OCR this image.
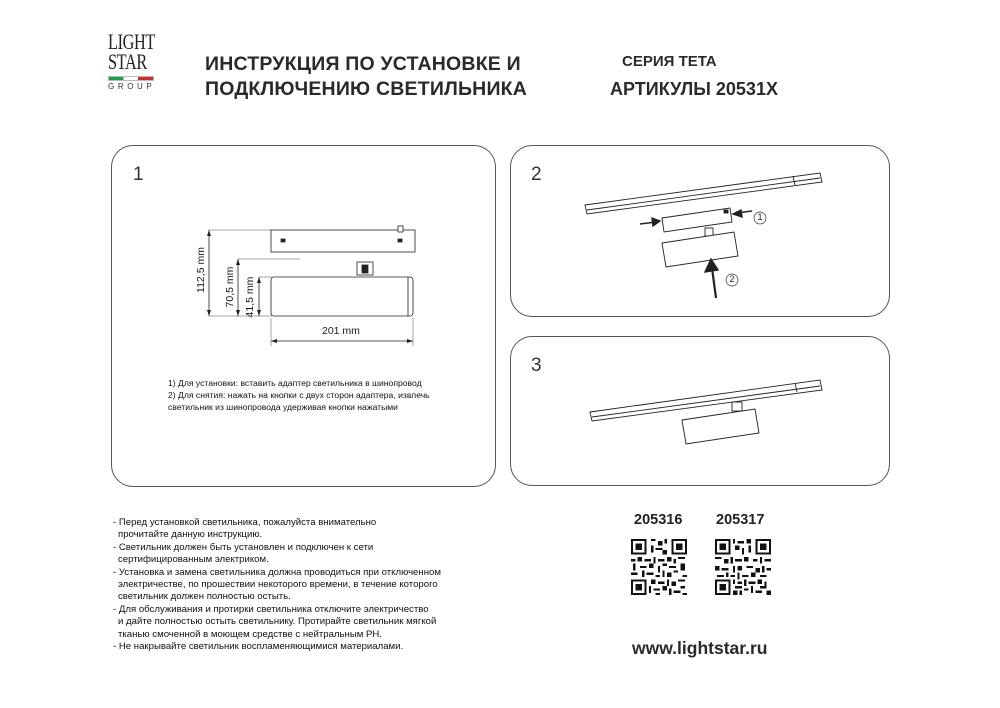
LIGHT
STAR
GROUP
ИНСТРУКЦИЯ ПО УСТАНОВКЕ И
ПОДКЛЮЧЕНИЮ СВЕТИЛЬНИКА
СЕРИЯ TETA
АРТИКУЛЫ 20531X
1
112,5 mm 70,5 mm 41,5 mm
201 mm
1) Для установки: вставить адаптер светильника в шинопровод
2) Для снятия: нажать на кнопки с двух сторон адаптера, извлечь
светильник из шинопровода удерживая кнопки нажатыми
2
1
2
3
- Перед установкой светильника, пожалуйста внимательно
прочитайте данную инструкцию.
- Светильник должен быть установлен и подключен к сети
сертифицированным электриком.
- Установка и замена светильника должна проводиться при отключенном
электричестве, по прошествии некоторого времени, в течение которого
светильник должен полностью остыть.
- Для обслуживания и протирки светильника отключите электричество
и дайте полностью остыть светильнику. Протирайте светильник мягкой
тканью смоченной в моющем средстве с нейтральным PH.
- Не накрывайте светильник воспламеняющимися материалами.
205316 205317
www.lightstar.ru
